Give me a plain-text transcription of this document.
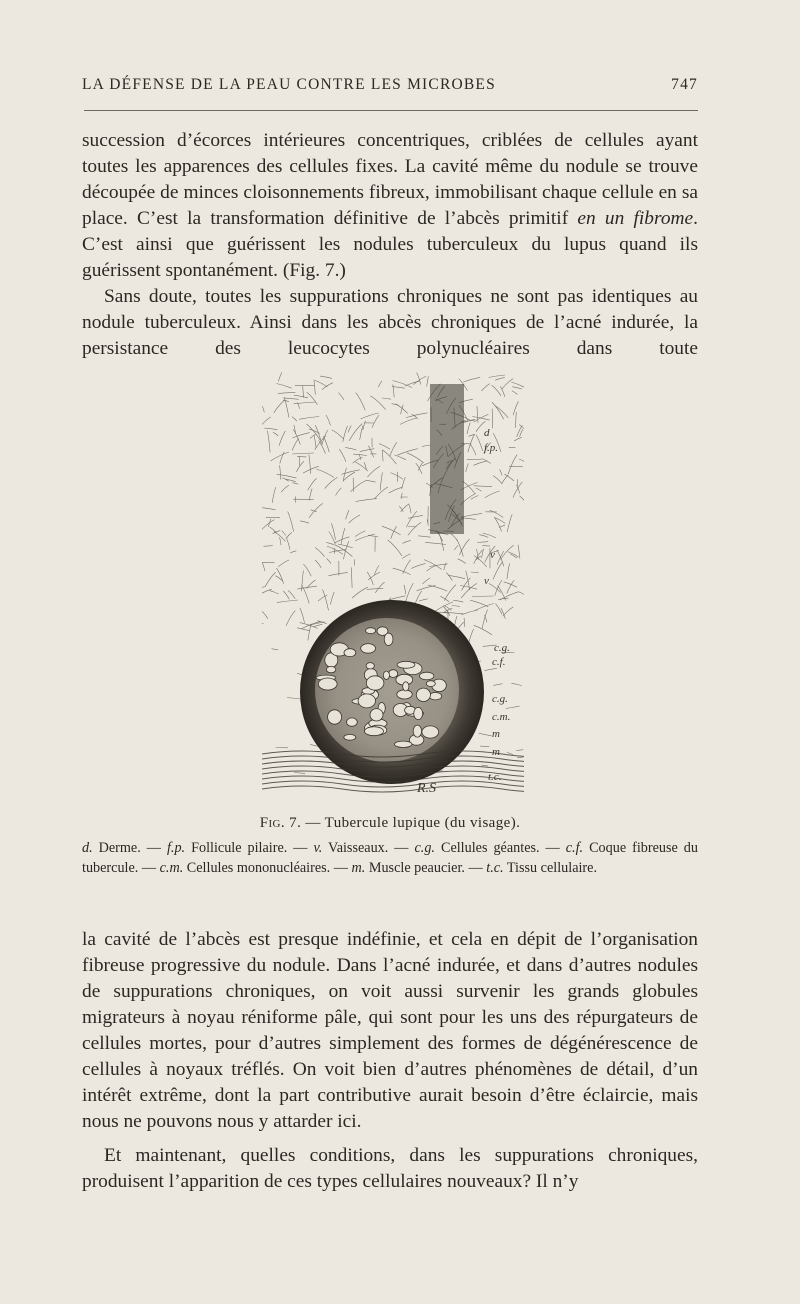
LA DÉFENSE DE LA PEAU CONTRE LES MICROBES	747

succession d’écorces intérieures concentriques, criblées de cellules ayant toutes les apparences des cellules fixes. La cavité même du nodule se trouve découpée de minces cloisonnements fibreux, immobilisant chaque cellule en sa place. C’est la transformation définitive de l’abcès primitif en un fibrome. C’est ainsi que guérissent les nodules tuberculeux du lupus quand ils guérissent spontanément. (Fig. 7.)

Sans doute, toutes les suppurations chroniques ne sont pas identiques au nodule tuberculeux. Ainsi dans les abcès chroniques de l’acné indurée, la persistance des leucocytes polynucléaires dans toute

R.S
d
f.p.
v
v
c.g.
c.f.
c.g.
c.m.
m
m
t.c.
Fig. 7. — Tubercule lupique (du visage).
d. Derme. — f.p. Follicule pilaire. — v. Vaisseaux. — c.g. Cellules géantes. — c.f. Coque fibreuse du tubercule. — c.m. Cellules mononucléaires. — m. Muscle peaucier. — t.c. Tissu cellulaire.

la cavité de l’abcès est presque indéfinie, et cela en dépit de l’organisation fibreuse progressive du nodule. Dans l’acné indurée, et dans d’autres nodules de suppurations chroniques, on voit aussi survenir les grands globules migrateurs à noyau réniforme pâle, qui sont pour les uns des répurgateurs de cellules mortes, pour d’autres simplement des formes de dégénérescence de cellules à noyaux tréflés. On voit bien d’autres phénomènes de détail, d’un intérêt extrême, dont la part contributive aurait besoin d’être éclaircie, mais nous ne pouvons nous y attarder ici.

Et maintenant, quelles conditions, dans les suppurations chroniques, produisent l’apparition de ces types cellulaires nouveaux? Il n’y
